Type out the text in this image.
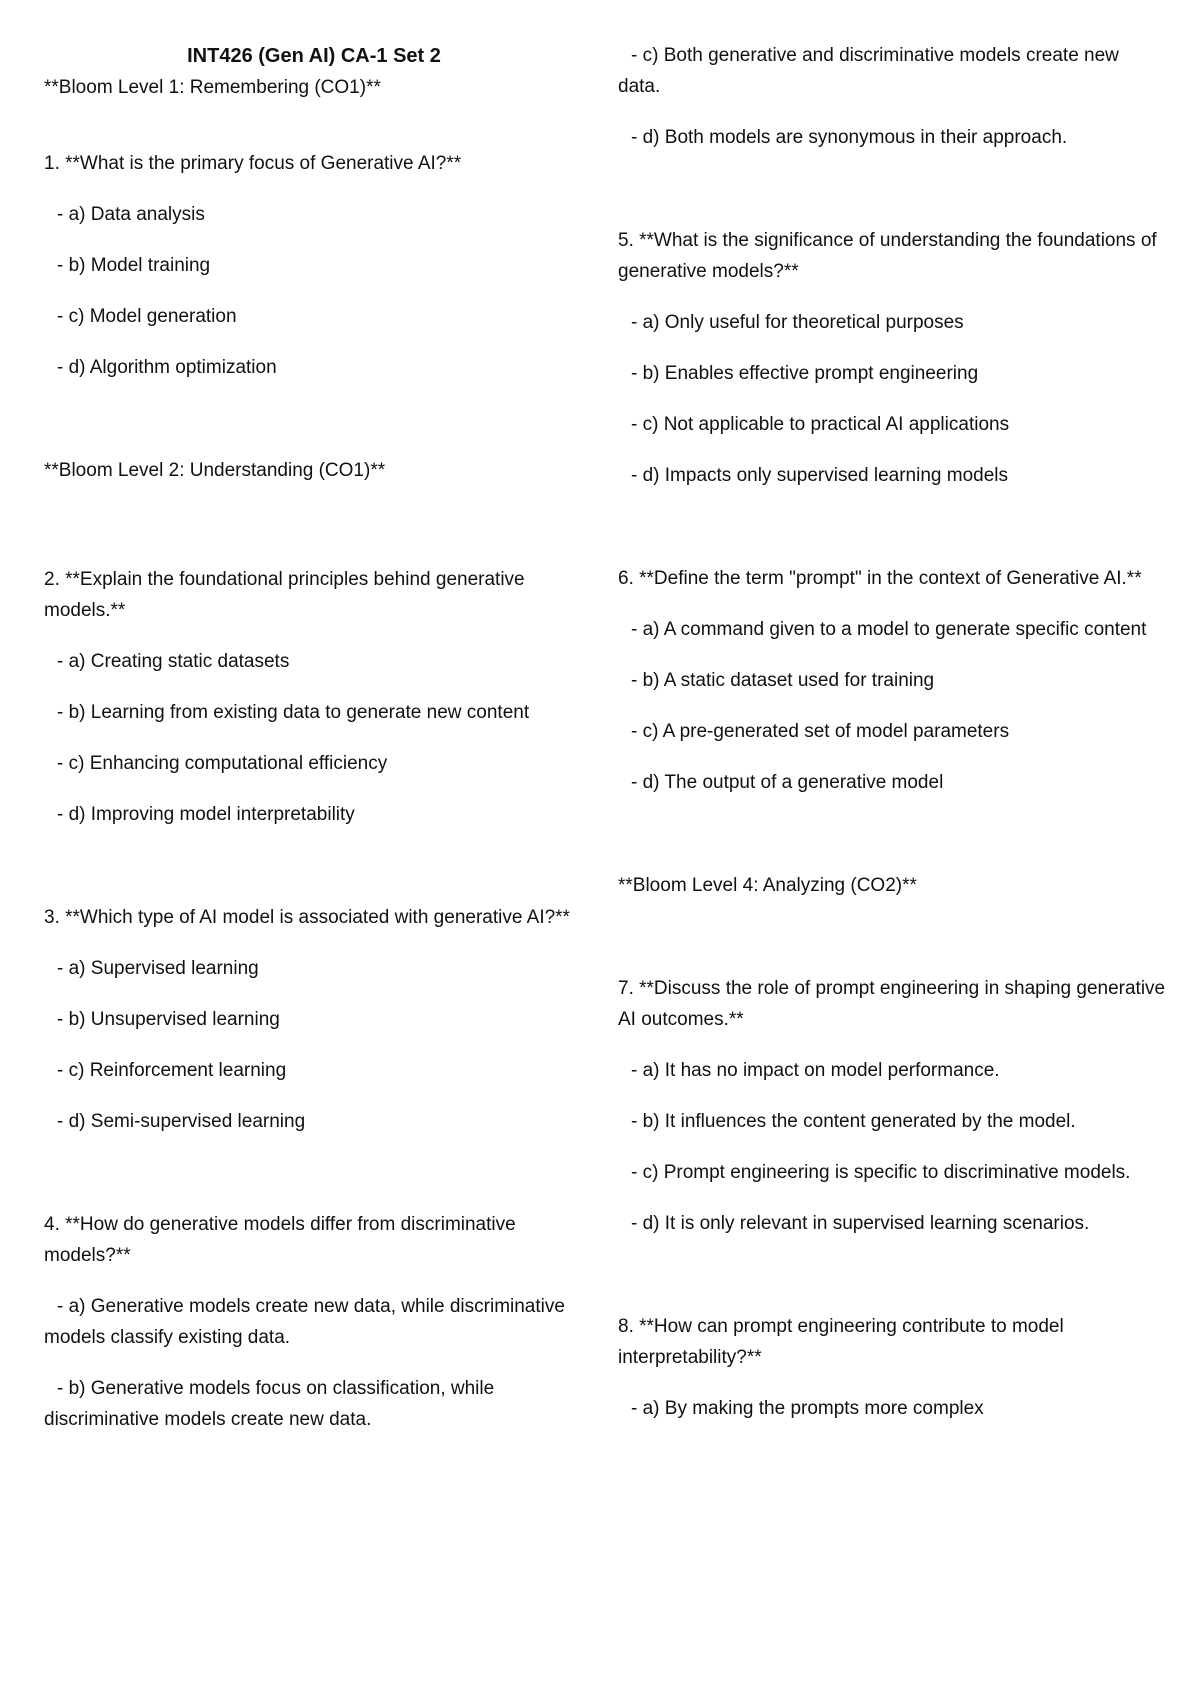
INT426 (Gen AI) CA-1 Set 2

**Bloom Level 1: Remembering (CO1)**

1. **What is the primary focus of Generative AI?**

- a) Data analysis

- b) Model training

- c) Model generation

- d) Algorithm optimization

**Bloom Level 2: Understanding (CO1)**

2. **Explain the foundational principles behind generative models.**

- a) Creating static datasets

- b) Learning from existing data to generate new content

- c) Enhancing computational efficiency

- d) Improving model interpretability

3. **Which type of AI model is associated with generative AI?**

- a) Supervised learning

- b) Unsupervised learning

- c) Reinforcement learning

- d) Semi-supervised learning

4. **How do generative models differ from discriminative models?**

- a) Generative models create new data, while discriminative models classify existing data.

- b) Generative models focus on classification, while discriminative models create new data.

- c) Both generative and discriminative models create new data.

- d) Both models are synonymous in their approach.

5. **What is the significance of understanding the foundations of generative models?**

- a) Only useful for theoretical purposes

- b) Enables effective prompt engineering

- c) Not applicable to practical AI applications

- d) Impacts only supervised learning models

6. **Define the term "prompt" in the context of Generative AI.**

- a) A command given to a model to generate specific content

- b) A static dataset used for training

- c) A pre-generated set of model parameters

- d) The output of a generative model

**Bloom Level 4: Analyzing (CO2)**

7. **Discuss the role of prompt engineering in shaping generative AI outcomes.**

- a) It has no impact on model performance.

- b) It influences the content generated by the model.

- c) Prompt engineering is specific to discriminative models.

- d) It is only relevant in supervised learning scenarios.

8. **How can prompt engineering contribute to model interpretability?**

- a) By making the prompts more complex
